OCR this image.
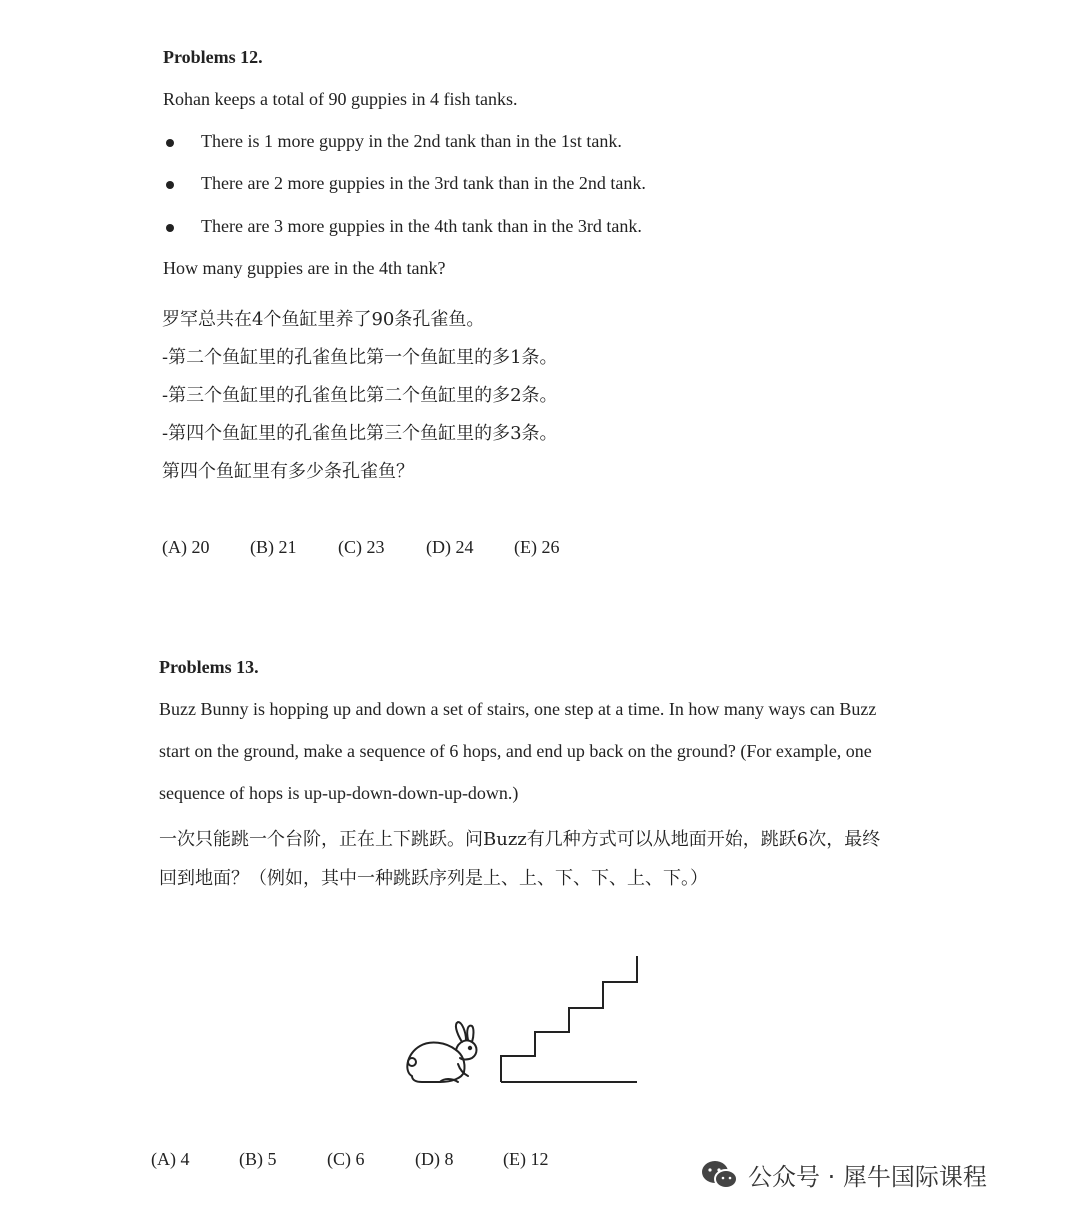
Problems 12.
Rohan keeps a total of 90 guppies in 4 fish tanks.
There is 1 more guppy in the 2nd tank than in the 1st tank.
There are 2 more guppies in the 3rd tank than in the 2nd tank.
There are 3 more guppies in the 4th tank than in the 3rd tank.
How many guppies are in the 4th tank?
罗罕总共在4个鱼缸里养了90条孔雀鱼。
-第二个鱼缸里的孔雀鱼比第一个鱼缸里的多1条。
-第三个鱼缸里的孔雀鱼比第二个鱼缸里的多2条。
-第四个鱼缸里的孔雀鱼比第三个鱼缸里的多3条。
第四个鱼缸里有多少条孔雀鱼？
(A) 20	(B) 21	(C) 23	(D) 24	(E) 26
Problems 13.
Buzz Bunny is hopping up and down a set of stairs, one step at a time. In how many ways can Buzz
start on the ground, make a sequence of 6 hops, and end up back on the ground? (For example, one
sequence of hops is up-up-down-down-up-down.)
一次只能跳一个台阶，正在上下跳跃。问Buzz有几种方式可以从地面开始，跳跃6次，最终
回到地面？（例如，其中一种跳跃序列是上、上、下、下、上、下。）
(A) 4	(B) 5	(C) 6	(D) 8	(E) 12
公众号 · 犀牛国际课程
